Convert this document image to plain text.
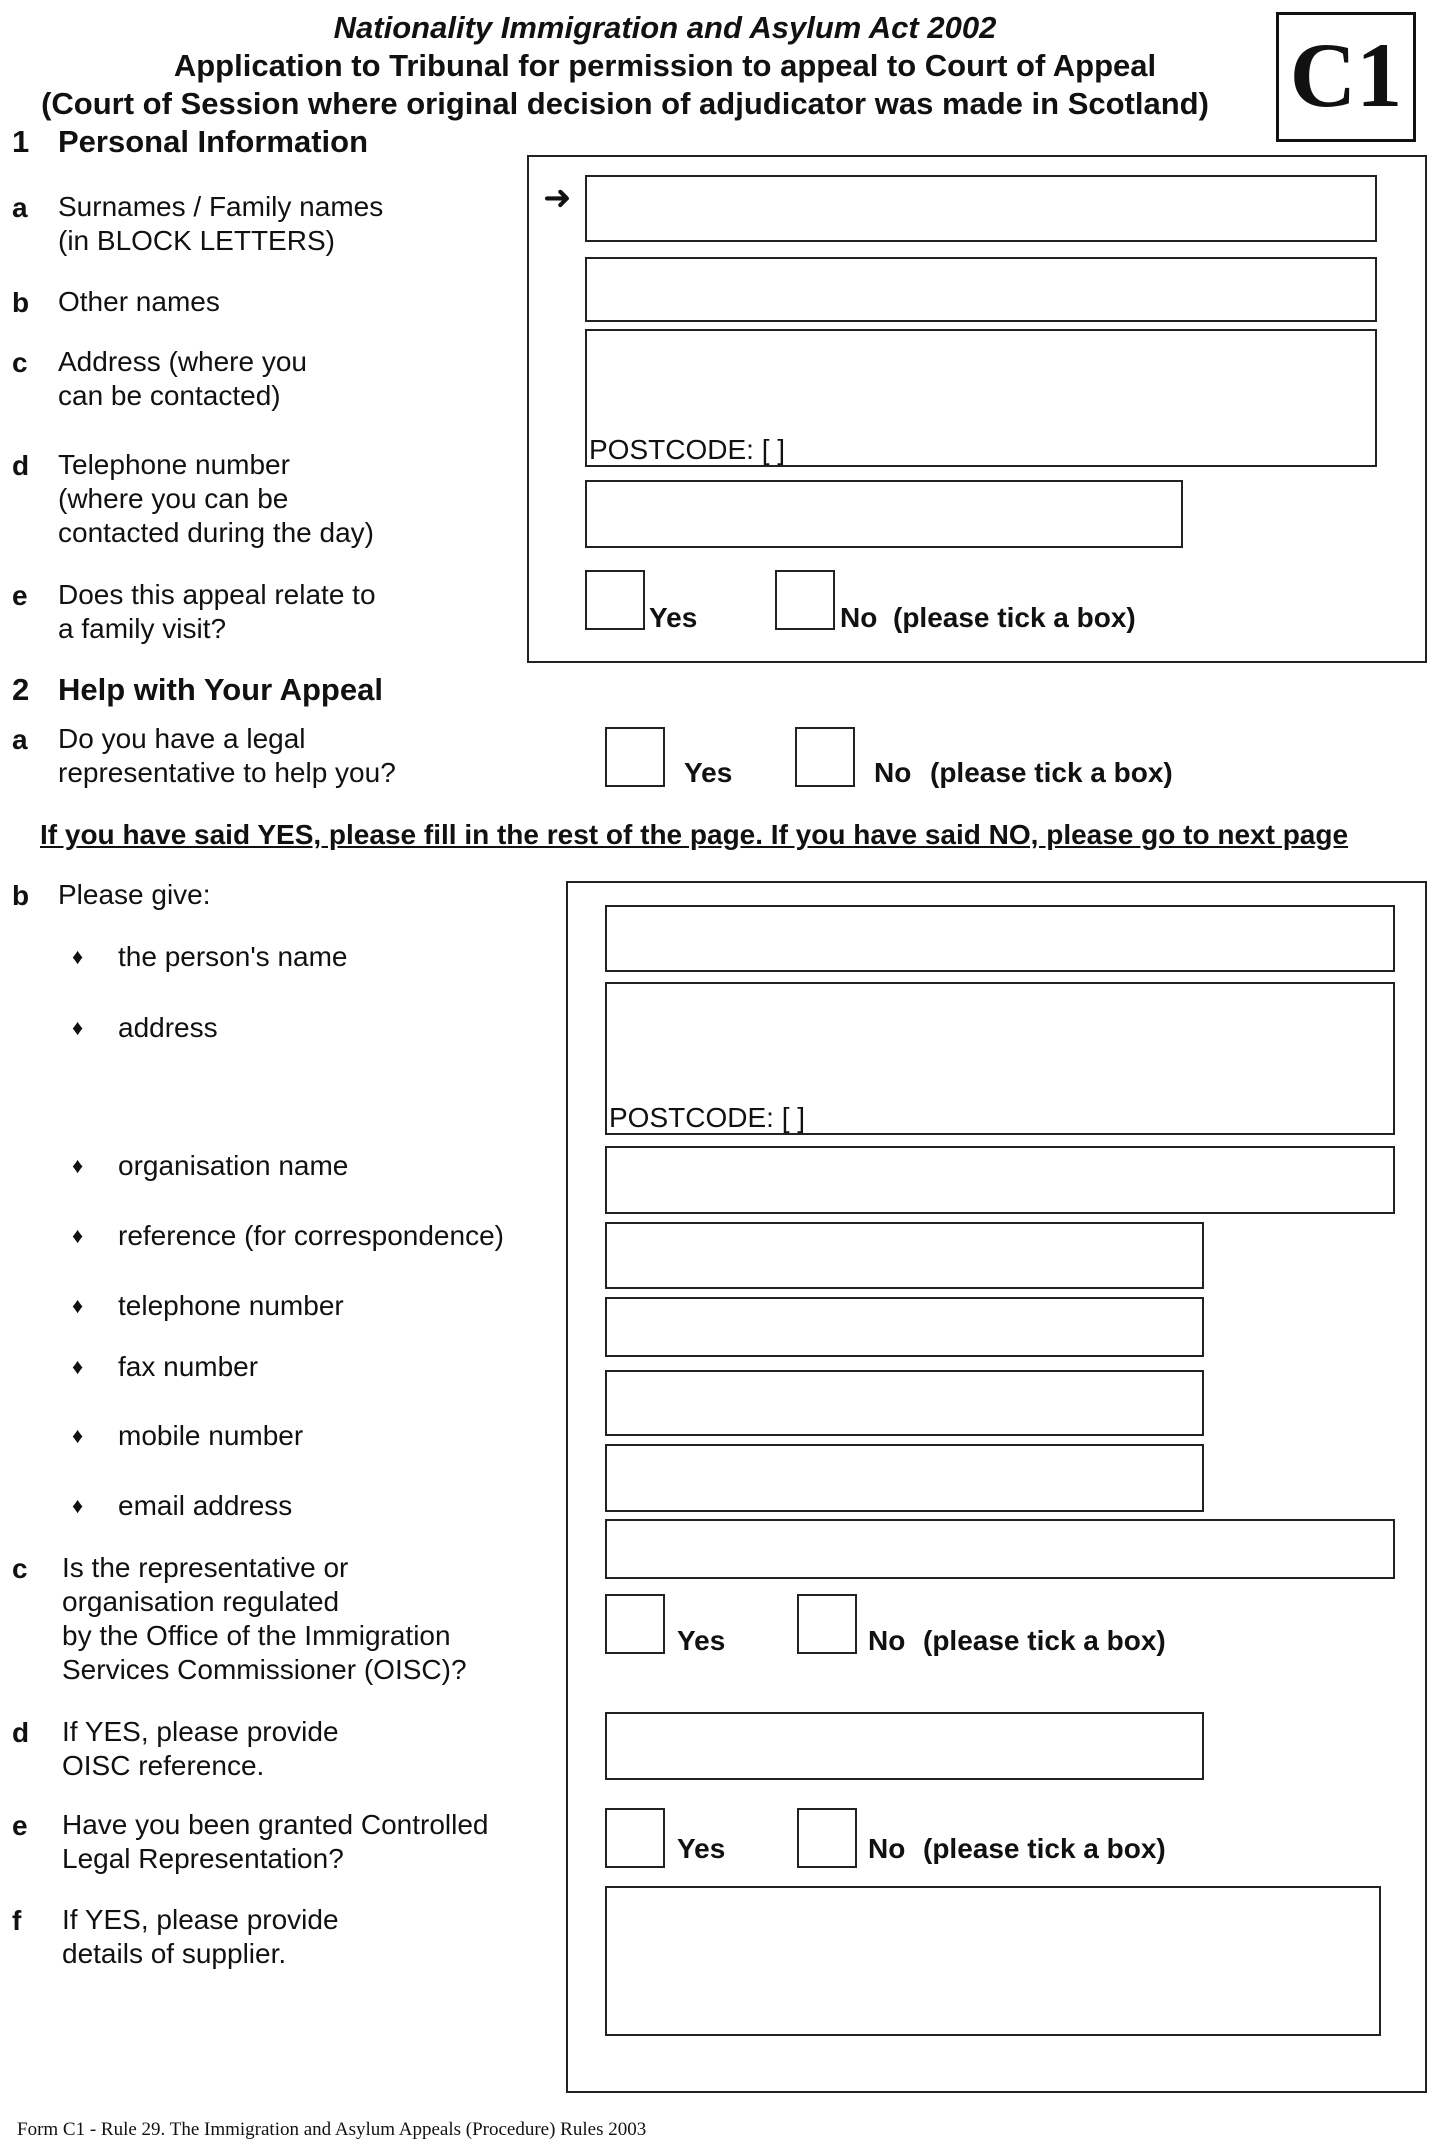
Nationality Immigration and Asylum Act 2002
Application to Tribunal for permission to appeal to Court of Appeal
(Court of Session where original decision of adjudicator was made in Scotland) C1
1 Personal Information
➜
a Surnames / Family names
(in BLOCK LETTERS)
b Other names
c Address (where you
can be contacted)
POSTCODE: [ ]
d Telephone number
(where you can be
contacted during the day)
e Does this appeal relate to
a family visit?	Yes	No (please tick a box)
2 Help with Your Appeal
a Do you have a legal
representative to help you?	Yes	No (please tick a box)
If you have said YES, please fill in the rest of the page. If you have said NO, please go to next page
b Please give:
♦ the person's name
♦ address
♦ organisation name
♦ reference (for correspondence)
♦ telephone number
♦ fax number
♦ mobile number
♦ email address
POSTCODE: [ ]
c Is the representative or
organisation regulated
by the Office of the Immigration
Services Commissioner (OISC)?
Yes	No (please tick a box)
d If YES, please provide
OISC reference.
e Have you been granted Controlled
Legal Representation?	Yes	No (please tick a box)
f If YES, please provide
details of supplier.
Form C1 - Rule 29. The Immigration and Asylum Appeals (Procedure) Rules 2003
